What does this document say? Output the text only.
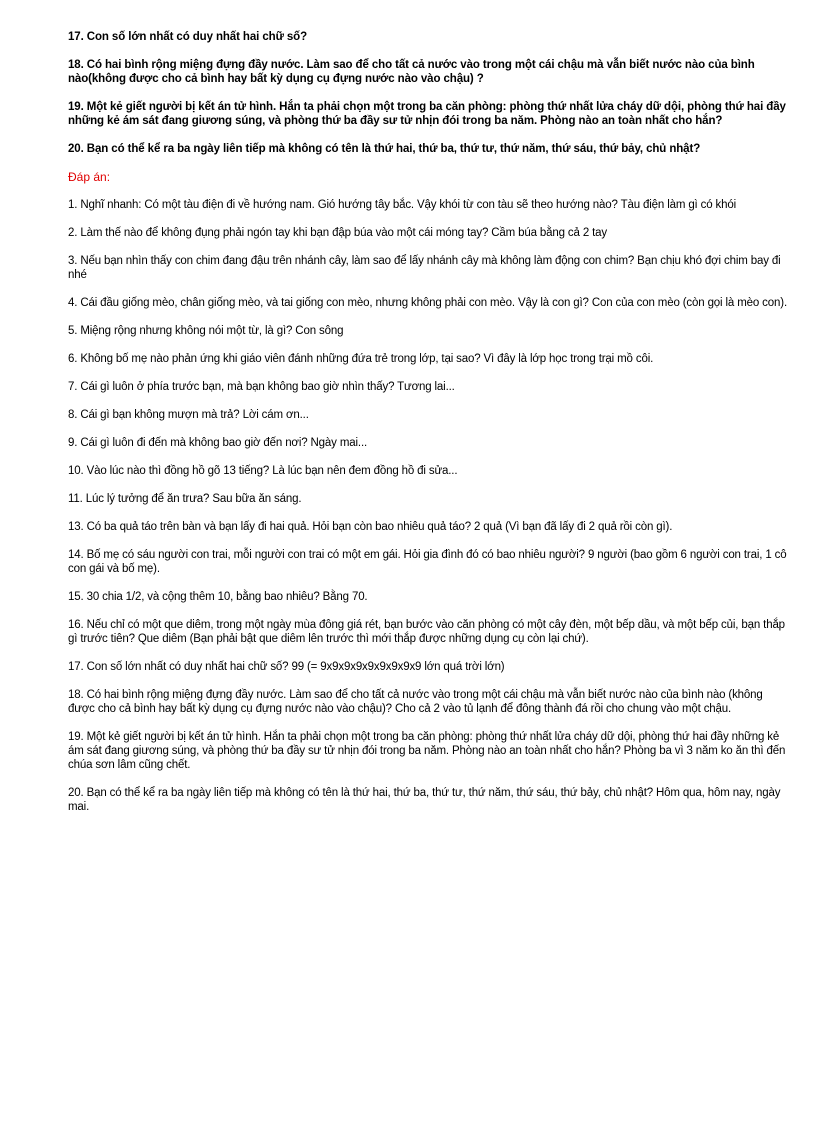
17. Con số lớn nhất có duy nhất hai chữ số?

18. Có hai bình rộng miệng đựng đầy nước. Làm sao để cho tất cả nước vào trong một cái chậu mà vẫn biết nước nào của bình nào(không được cho cả bình hay bất kỳ dụng cụ đựng nước nào vào chậu) ?

19. Một kẻ giết người bị kết án tử hình. Hắn ta phải chọn một trong ba căn phòng: phòng thứ nhất lửa cháy dữ dội, phòng thứ hai đầy những kẻ ám sát đang giương súng, và phòng thứ ba đầy sư tử nhịn đói trong ba năm. Phòng nào an toàn nhất cho hắn?

20. Bạn có thể kể ra ba ngày liên tiếp mà không có tên là thứ hai, thứ ba, thứ tư, thứ năm, thứ sáu, thứ bảy, chủ nhật?

Đáp án:

1. Nghĩ nhanh: Có một tàu điện đi về hướng nam. Gió hướng tây bắc. Vậy khói từ con tàu sẽ theo hướng nào? Tàu điện làm gì có khói

2. Làm thế nào để không đụng phải ngón tay khi bạn đập búa vào một cái móng tay? Cầm búa bằng cả 2 tay

3. Nếu bạn nhìn thấy con chim đang đậu trên nhánh cây, làm sao để lấy nhánh cây mà không làm động con chim? Bạn chịu khó đợi chim bay đi nhé

4. Cái đầu giống mèo, chân giống mèo, và tai giống con mèo, nhưng không phải con mèo. Vậy là con gì? Con của con mèo (còn gọi là mèo con).

5. Miệng rộng nhưng không nói một từ, là gì? Con sông

6. Không bố mẹ nào phản ứng khi giáo viên đánh những đứa trẻ trong lớp, tại sao? Vì đây là lớp học trong trại mồ côi.

7. Cái gì luôn ở phía trước bạn, mà bạn không bao giờ nhìn thấy? Tương lai...

8. Cái gì bạn không mượn mà trả? Lời cám ơn...

9. Cái gì luôn đi đến mà không bao giờ đến nơi? Ngày mai...

10. Vào lúc nào thì đồng hồ gõ 13 tiếng? Là lúc bạn nên đem đồng hồ đi sửa...

11. Lúc lý tưởng để ăn trưa? Sau bữa ăn sáng.

13. Có ba quả táo trên bàn và bạn lấy đi hai quả. Hỏi bạn còn bao nhiêu quả táo? 2 quả (Vì bạn đã lấy đi 2 quả rồi còn gì).

14. Bố mẹ có sáu người con trai, mỗi người con trai có một em gái. Hỏi gia đình đó có bao nhiêu người? 9 người (bao gồm 6 người con trai, 1 cô con gái và bố mẹ).

15. 30 chia 1/2, và cộng thêm 10, bằng bao nhiêu? Bằng 70.

16. Nếu chỉ có một que diêm, trong một ngày mùa đông giá rét, bạn bước vào căn phòng có một cây đèn, một bếp dầu, và một bếp củi, bạn thắp gì trước tiên? Que diêm (Bạn phải bật que diêm lên trước thì mới thắp được những dụng cụ còn lại chứ).

17. Con số lớn nhất có duy nhất hai chữ số? 99 (= 9x9x9x9x9x9x9x9x9 lớn quá trời lớn)

18. Có hai bình rộng miệng đựng đầy nước. Làm sao để cho tất cả nước vào trong một cái chậu mà vẫn biết nước nào của bình nào (không được cho cả bình hay bất kỳ dụng cụ đựng nước nào vào chậu)? Cho cả 2 vào tủ lạnh để đông thành đá rồi cho chung vào một chậu.

19. Một kẻ giết người bị kết án tử hình. Hắn ta phải chọn một trong ba căn phòng: phòng thứ nhất lửa cháy dữ dội, phòng thứ hai đầy những kẻ ám sát đang giương súng, và phòng thứ ba đầy sư tử nhịn đói trong ba năm. Phòng nào an toàn nhất cho hắn? Phòng ba vì 3 năm ko ăn thì đến chúa sơn lâm cũng chết.

20. Bạn có thể kể ra ba ngày liên tiếp mà không có tên là thứ hai, thứ ba, thứ tư, thứ năm, thứ sáu, thứ bảy, chủ nhật? Hôm qua, hôm nay, ngày mai.
